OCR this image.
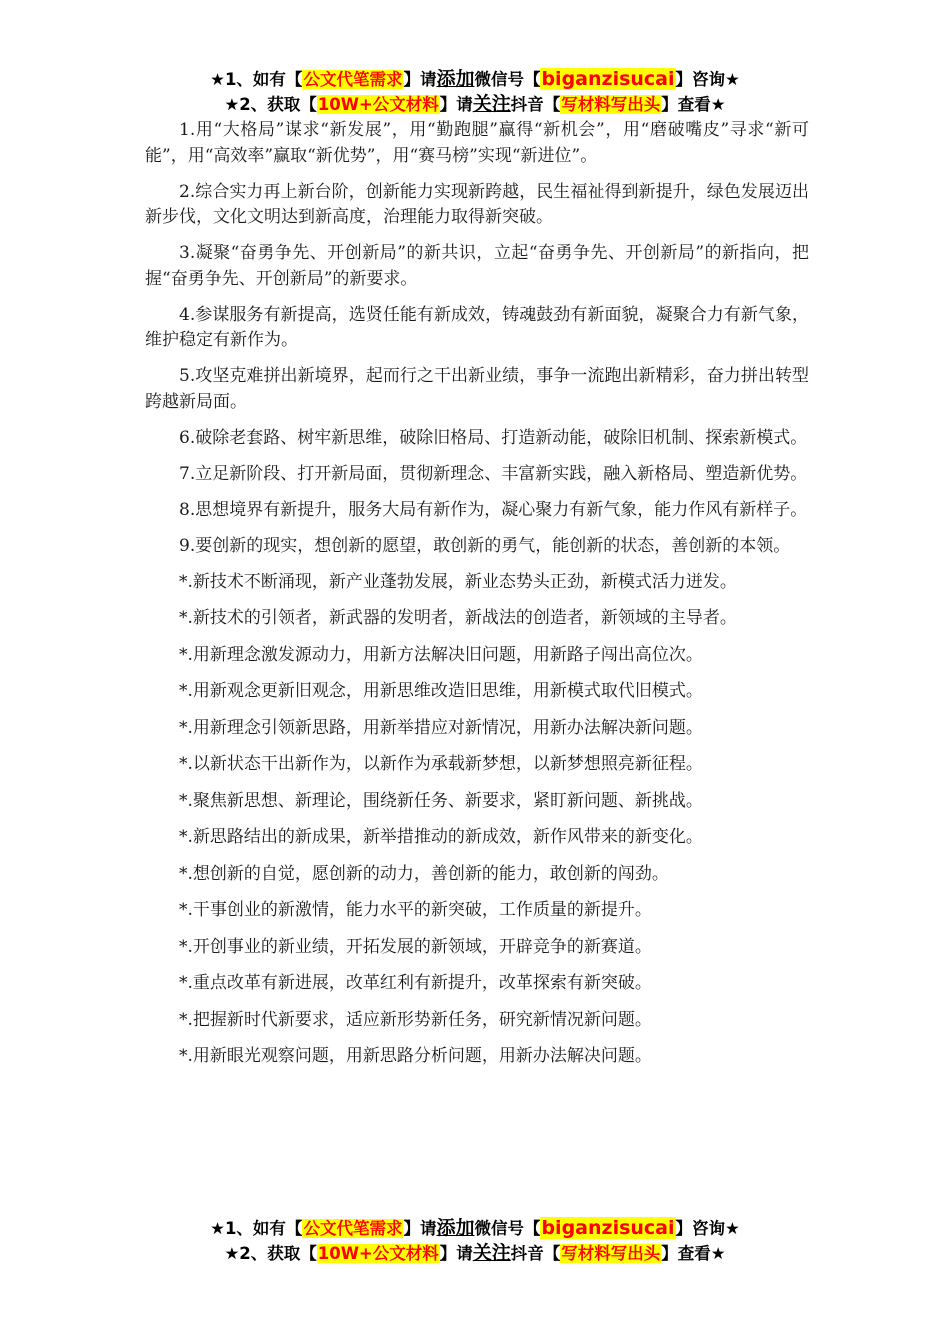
★1、如有【公文代笔需求】请添加微信号【biganzisucai】咨询★
★2、获取【10W+公文材料】请关注抖音【写材料写出头】查看★

1.用“大格局”谋求“新发展”，用“勤跑腿”赢得“新机会”，用“磨破嘴皮”寻求“新可能”，用“高效率”赢取“新优势”，用“赛马榜”实现“新进位”。

2.综合实力再上新台阶，创新能力实现新跨越，民生福祉得到新提升，绿色发展迈出新步伐，文化文明达到新高度，治理能力取得新突破。

3.凝聚“奋勇争先、开创新局”的新共识，立起“奋勇争先、开创新局”的新指向，把握“奋勇争先、开创新局”的新要求。

4.参谋服务有新提高，选贤任能有新成效，铸魂鼓劲有新面貌，凝聚合力有新气象，维护稳定有新作为。

5.攻坚克难拼出新境界，起而行之干出新业绩，事争一流跑出新精彩，奋力拼出转型跨越新局面。

6.破除老套路、树牢新思维，破除旧格局、打造新动能，破除旧机制、探索新模式。

7.立足新阶段、打开新局面，贯彻新理念、丰富新实践，融入新格局、塑造新优势。

8.思想境界有新提升，服务大局有新作为，凝心聚力有新气象，能力作风有新样子。

9.要创新的现实，想创新的愿望，敢创新的勇气，能创新的状态，善创新的本领。

*.新技术不断涌现，新产业蓬勃发展，新业态势头正劲，新模式活力迸发。

*.新技术的引领者，新武器的发明者，新战法的创造者，新领域的主导者。

*.用新理念激发源动力，用新方法解决旧问题，用新路子闯出高位次。

*.用新观念更新旧观念，用新思维改造旧思维，用新模式取代旧模式。

*.用新理念引领新思路，用新举措应对新情况，用新办法解决新问题。

*.以新状态干出新作为，以新作为承载新梦想，以新梦想照亮新征程。

*.聚焦新思想、新理论，围绕新任务、新要求，紧盯新问题、新挑战。

*.新思路结出的新成果，新举措推动的新成效，新作风带来的新变化。

*.想创新的自觉，愿创新的动力，善创新的能力，敢创新的闯劲。

*.干事创业的新激情，能力水平的新突破，工作质量的新提升。

*.开创事业的新业绩，开拓发展的新领域，开辟竞争的新赛道。

*.重点改革有新进展，改革红利有新提升，改革探索有新突破。

*.把握新时代新要求，适应新形势新任务，研究新情况新问题。

*.用新眼光观察问题，用新思路分析问题，用新办法解决问题。

★1、如有【公文代笔需求】请添加微信号【biganzisucai】咨询★
★2、获取【10W+公文材料】请关注抖音【写材料写出头】查看★
